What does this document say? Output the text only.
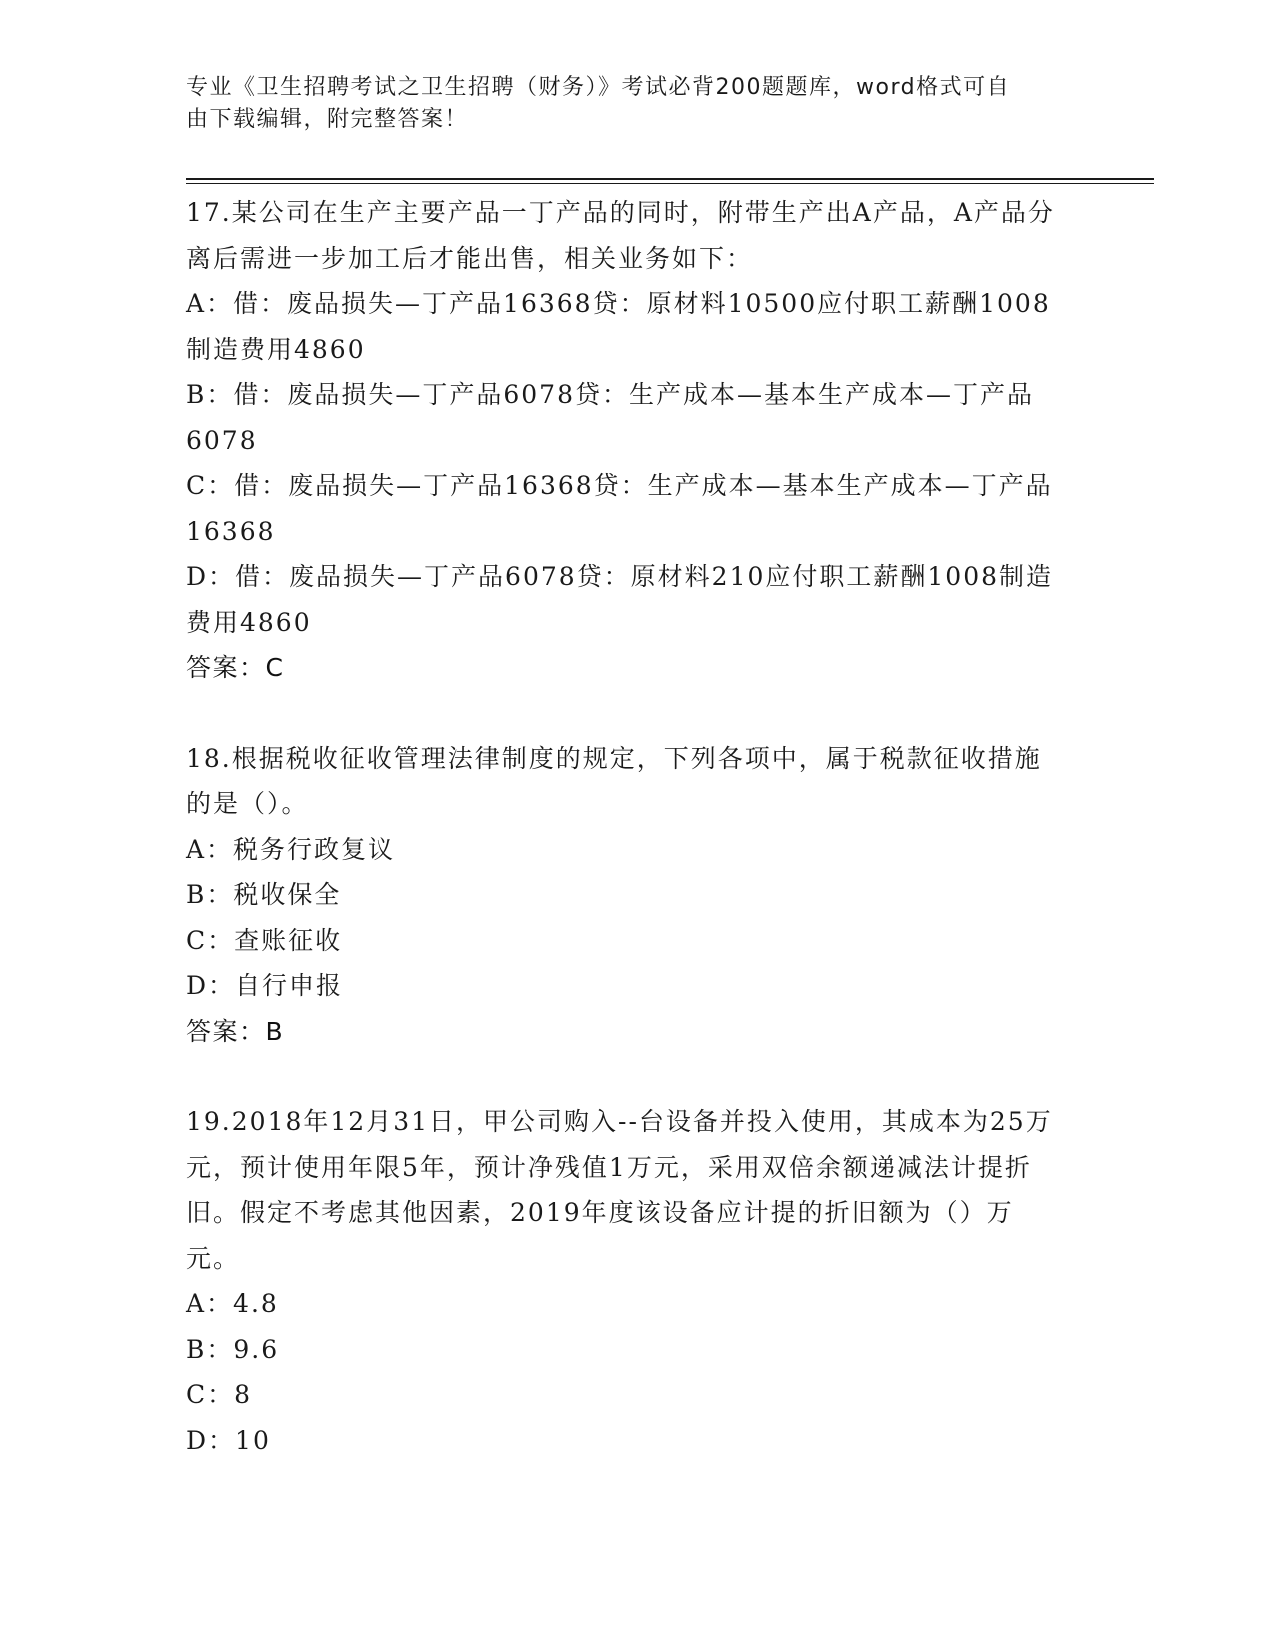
专业《卫生招聘考试之卫生招聘（财务）》考试必背200题题库，word格式可自
由下载编辑，附完整答案！

17.某公司在生产主要产品一丁产品的同时，附带生产出A产品，A产品分离后需进一步加工后才能出售，相关业务如下：

A：借：废品损失—丁产品16368贷：原材料10500应付职工薪酬1008制造费用4860

B：借：废品损失—丁产品6078贷：生产成本—基本生产成本—丁产品6078

C：借：废品损失—丁产品16368贷：生产成本—基本生产成本—丁产品16368

D：借：废品损失—丁产品6078贷：原材料210应付职工薪酬1008制造费用4860

答案：C

18.根据税收征收管理法律制度的规定，下列各项中，属于税款征收措施的是（）。

A：税务行政复议

B：税收保全

C：查账征收

D：自行申报

答案：B

19.2018年12月31日，甲公司购入--台设备并投入使用，其成本为25万元，预计使用年限5年，预计净残值1万元，采用双倍余额递减法计提折旧。假定不考虑其他因素，2019年度该设备应计提的折旧额为（）万元。

A：4.8

B：9.6

C：8

D：10
